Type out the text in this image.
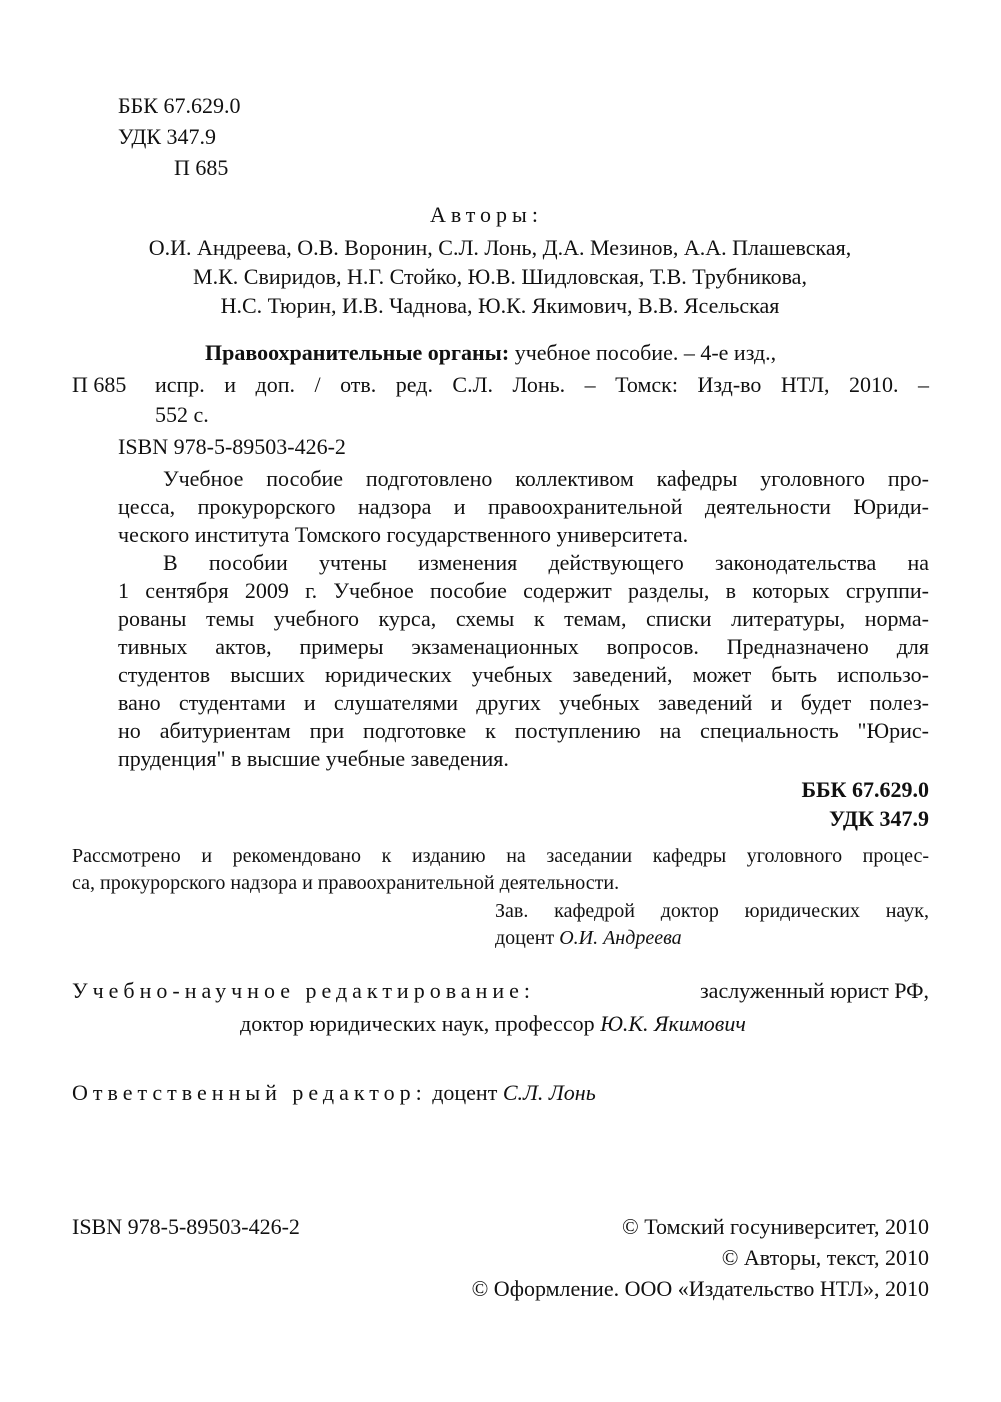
ББК 67.629.0
УДК 347.9
П 685
Авторы:
О.И. Андреева, О.В. Воронин, С.Л. Лонь, Д.А. Мезинов, А.А. Плашевская,
М.К. Свиридов, Н.Г. Стойко, Ю.В. Шидловская, Т.В. Трубникова,
Н.С. Тюрин, И.В. Чаднова, Ю.К. Якимович, В.В. Ясельская
Правоохранительные органы: учебное пособие. – 4-е изд.,
П 685 испр. и доп. / отв. ред. С.Л. Лонь. – Томск: Изд-во НТЛ, 2010. –
552 с.
ISBN 978-5-89503-426-2
Учебное пособие подготовлено коллективом кафедры уголовного про-
цесса, прокурорского надзора и правоохранительной деятельности Юриди-
ческого института Томского государственного университета.
В пособии учтены изменения действующего законодательства на
1 сентября 2009 г. Учебное пособие содержит разделы, в которых сгруппи-
рованы темы учебного курса, схемы к темам, списки литературы, норма-
тивных актов, примеры экзаменационных вопросов. Предназначено для
студентов высших юридических учебных заведений, может быть использо-
вано студентами и слушателями других учебных заведений и будет полез-
но абитуриентам при подготовке к поступлению на специальность "Юрис-
пруденция" в высшие учебные заведения.
ББК 67.629.0
УДК 347.9
Рассмотрено и рекомендовано к изданию на заседании кафедры уголовного процес-
са, прокурорского надзора и правоохранительной деятельности.
Зав. кафедрой доктор юридических наук,
доцент О.И. Андреева
Учебно-научное редактирование:	заслуженный юрист РФ,
доктор юридических наук, профессор Ю.К. Якимович
Ответственный редактор: доцент С.Л. Лонь
ISBN 978-5-89503-426-2	© Томский госуниверситет, 2010
© Авторы, текст, 2010
© Оформление. ООО «Издательство НТЛ», 2010
